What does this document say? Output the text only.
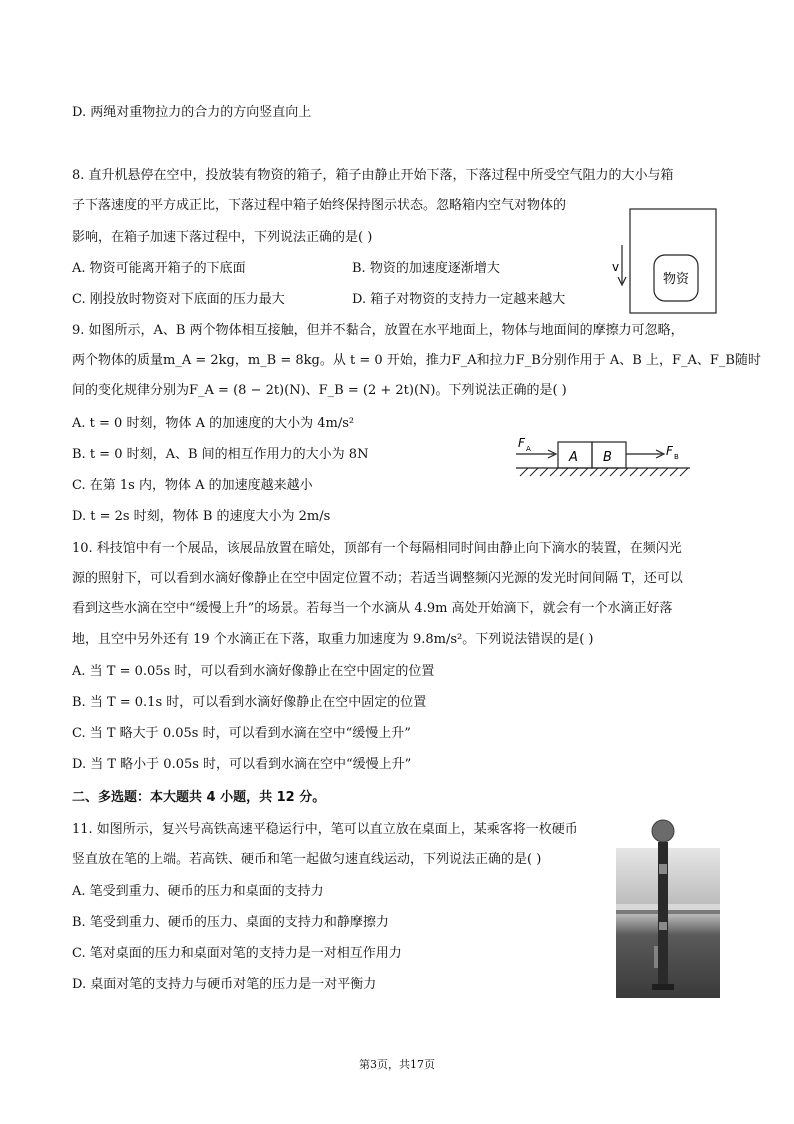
D. 两绳对重物拉力的合力的方向竖直向上
8. 直升机悬停在空中，投放装有物资的箱子，箱子由静止开始下落，下落过程中所受空气阻力的大小与箱
子下落速度的平方成正比，下落过程中箱子始终保持图示状态。忽略箱内空气对物体的
影响，在箱子加速下落过程中，下列说法正确的是( )
A. 物资可能离开箱子的下底面	B. 物资的加速度逐渐增大
C. 刚投放时物资对下底面的压力最大	D. 箱子对物资的支持力一定越来越大
v
物资
9. 如图所示，A、B 两个物体相互接触，但并不黏合，放置在水平地面上，物体与地面间的摩擦力可忽略，
两个物体的质量m_A = 2kg，m_B = 8kg。从 t = 0 开始，推力F_A和拉力F_B分别作用于 A、B 上，F_A、F_B随时
间的变化规律分别为F_A = (8 − 2t)(N)、F_B = (2 + 2t)(N)。下列说法正确的是( )
A. t = 0 时刻，物体 A 的加速度的大小为 4m/s²
B. t = 0 时刻，A、B 间的相互作用力的大小为 8N
C. 在第 1s 内，物体 A 的加速度越来越小
D. t = 2s 时刻，物体 B 的速度大小为 2m/s
F A
A B	F B
10. 科技馆中有一个展品，该展品放置在暗处，顶部有一个每隔相同时间由静止向下滴水的装置，在频闪光
源的照射下，可以看到水滴好像静止在空中固定位置不动；若适当调整频闪光源的发光时间间隔 T，还可以
看到这些水滴在空中“缓慢上升”的场景。若每当一个水滴从 4.9m 高处开始滴下，就会有一个水滴正好落
地，且空中另外还有 19 个水滴正在下落，取重力加速度为 9.8m/s²。下列说法错误的是( )
A. 当 T = 0.05s 时，可以看到水滴好像静止在空中固定的位置
B. 当 T = 0.1s 时，可以看到水滴好像静止在空中固定的位置
C. 当 T 略大于 0.05s 时，可以看到水滴在空中“缓慢上升”
D. 当 T 略小于 0.05s 时，可以看到水滴在空中“缓慢上升”
二、多选题：本大题共 4 小题，共 12 分。
11. 如图所示，复兴号高铁高速平稳运行中，笔可以直立放在桌面上，某乘客将一枚硬币
竖直放在笔的上端。若高铁、硬币和笔一起做匀速直线运动，下列说法正确的是( )
A. 笔受到重力、硬币的压力和桌面的支持力
B. 笔受到重力、硬币的压力、桌面的支持力和静摩擦力
C. 笔对桌面的压力和桌面对笔的支持力是一对相互作用力
D. 桌面对笔的支持力与硬币对笔的压力是一对平衡力
第3页，共17页
